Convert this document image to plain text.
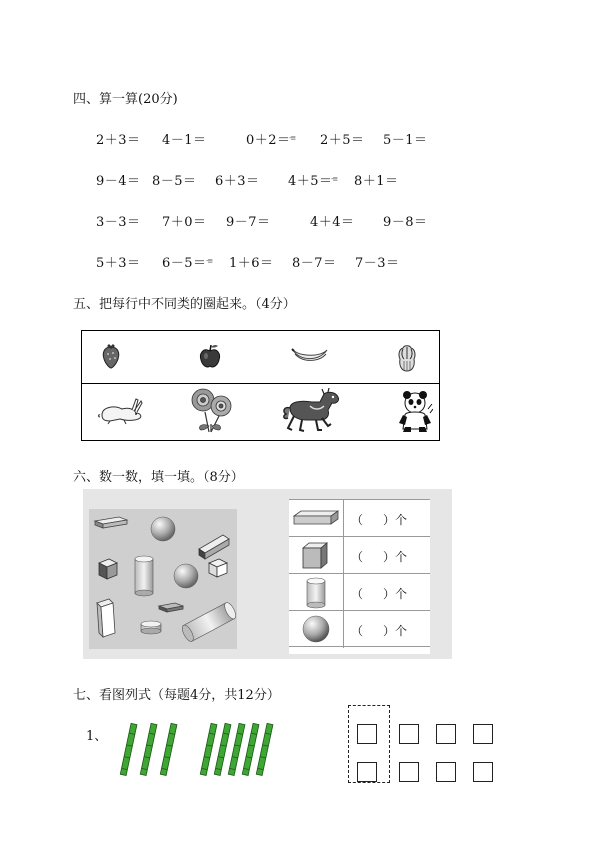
四、算一算(20分)
2＋3＝ 4－1＝	0＋2＝
-≡ 2＋5＝ 5－1＝
9－4＝ 8－5＝ 6＋3＝ 4＋5＝
-≡ 8＋1＝
3－3＝ 7＋0＝ 9－7＝	4＋4＝ 9－8＝
5＋3＝ 6－5＝ -≡ 1＋6＝ 8－7＝ 7－3＝
五、把每行中不同类的圈起来。（4分）
六、数一数，填一填。（8分）
（ ）个
（ ）个
（ ）个
（ ）个
七、看图列式（每题4分，共12分）
1、
